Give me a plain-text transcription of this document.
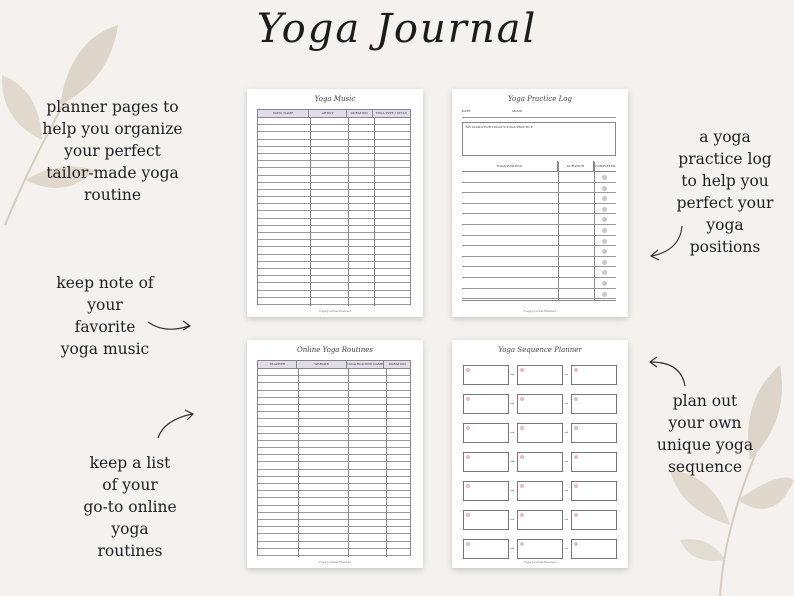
Yoga Journal
planner pages to
help you organize
your perfect
tailor-made yoga
routine
keep note of
your
favorite
yoga music
keep a list
of your
go-to online
yoga
routines
a yoga
practice log
to help you
perfect your
yoga
positions
plan out
your own
unique yoga
sequence
Yoga Music
SONG NAME	ARTIST	DURATION	YOGA TYPE / STYLE
Yoga Journal Planner
Yoga Practice Log
DATE	MOOD
MY GOALS FOR TODAY'S YOGA PRACTICE
YOGA POSITION	DURATION	COMPLETED
Yoga Journal Planner
Online Yoga Routines
TEACHER	WEBSITE	YOGA ROUTINE NAME	DURATION
Yoga Journal Planner
Yoga Sequence Planner
→	→
→	→
→	→
→	→
→	→
→	→
→	→
Yoga Journal Planner
